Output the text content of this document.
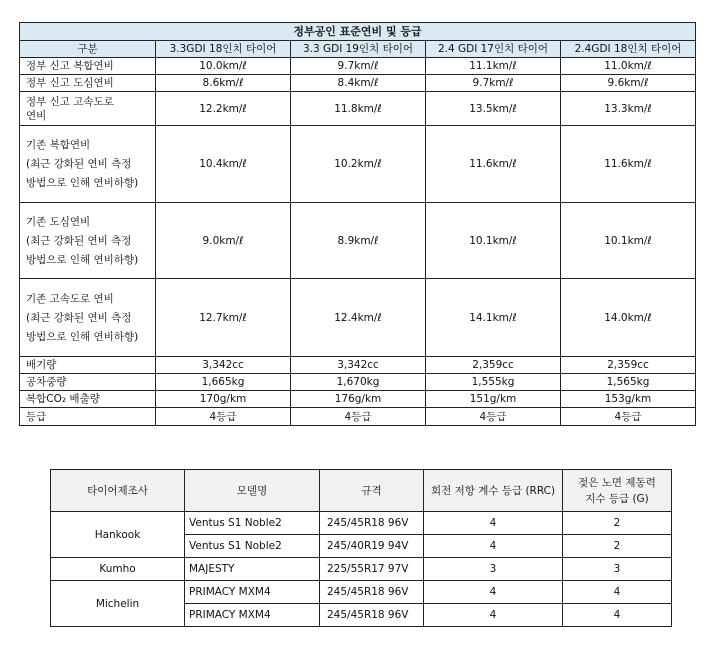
정부공인 표준연비 및 등급				
구분	3.3GDI 18인치 타이어	3.3 GDI 19인치 타이어	2.4 GDI 17인치 타이어	2.4GDI 18인치 타이어
정부 신고 복합연비	10.0km/ℓ	9.7km/ℓ	11.1km/ℓ	11.0km/ℓ
정부 신고 도심연비	8.6km/ℓ	8.4km/ℓ	9.7km/ℓ	9.6km/ℓ
정부 신고 고속도로
연비	12.2km/ℓ	11.8km/ℓ	13.5km/ℓ	13.3km/ℓ
기존 복합연비
(최근 강화된 연비 측정
방법으로 인해 연비하향)	10.4km/ℓ	10.2km/ℓ	11.6km/ℓ	11.6km/ℓ
기존 도심연비
(최근 강화된 연비 측정
방법으로 인해 연비하향)	9.0km/ℓ	8.9km/ℓ	10.1km/ℓ	10.1km/ℓ
기존 고속도로 연비
(최근 강화된 연비 측정
방법으로 인해 연비하향)	12.7km/ℓ	12.4km/ℓ	14.1km/ℓ	14.0km/ℓ
배기량	3,342cc	3,342cc	2,359cc	2,359cc
공차중량	1,665kg	1,670kg	1,555kg	1,565kg
복합CO₂ 배출량	170g/km	176g/km	151g/km	153g/km
등급	4등급	4등급	4등급	4등급
타이어제조사	모델명	규격	회전 저항 계수 등급 (RRC)	젖은 노면 제동력
지수 등급 (G)
Hankook	Ventus S1 Noble2	245/45R18 96V	4	2
	Ventus S1 Noble2	245/40R19 94V	4	2
Kumho	MAJESTY	225/55R17 97V	3	3
Michelin	PRIMACY MXM4	245/45R18 96V	4	4
	PRIMACY MXM4	245/45R18 96V	4	4
